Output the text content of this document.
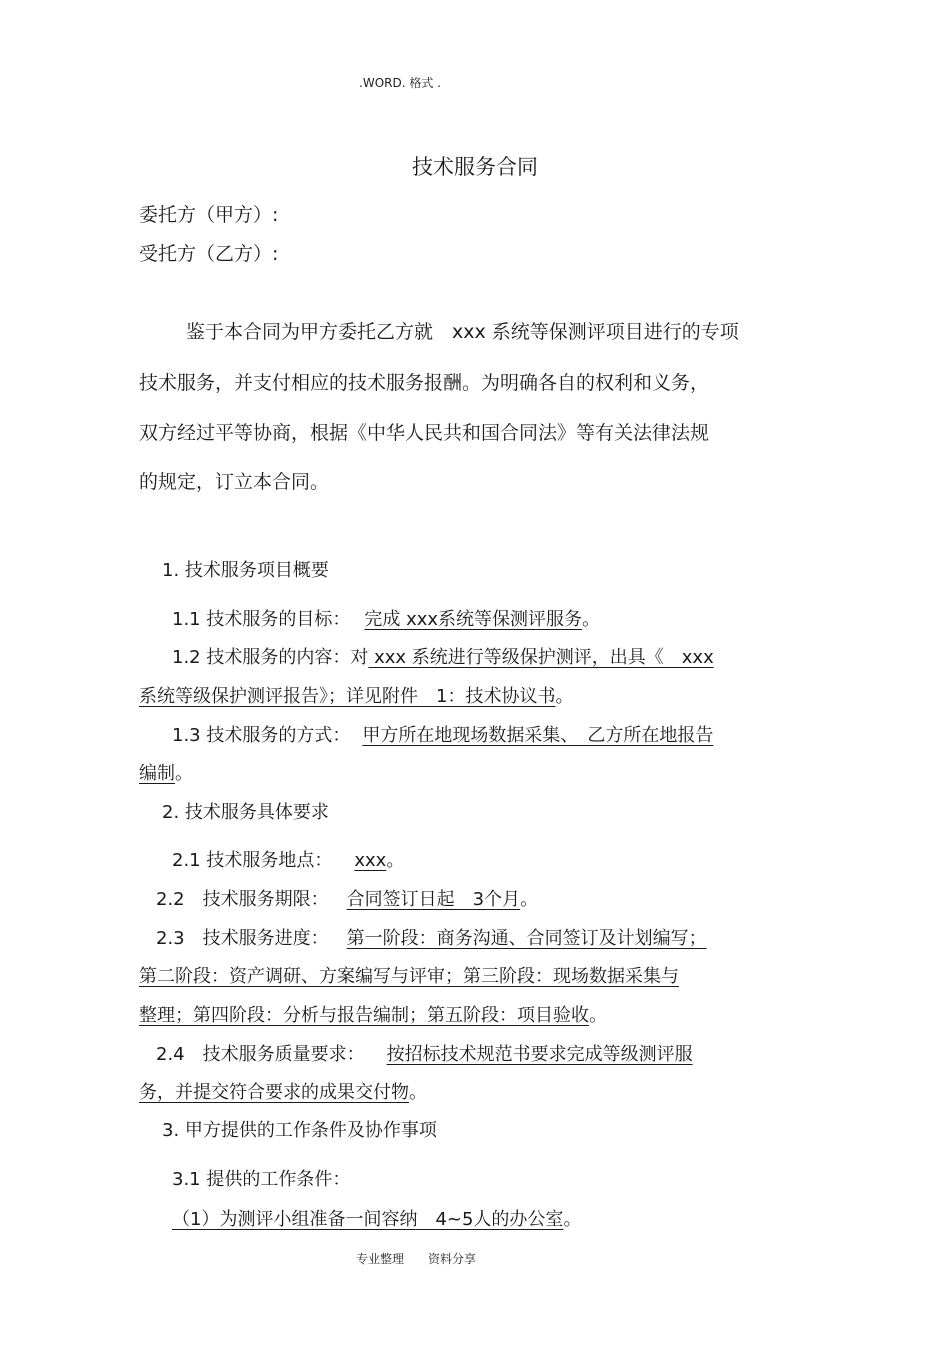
.WORD. 格式 .
技术服务合同
委托方（甲方）:
受托方（乙方）:
鉴于本合同为甲方委托乙方就　xxx 系统等保测评项目进行的专项
技术服务，并支付相应的技术服务报酬。为明确各自的权利和义务，
双方经过平等协商，根据《中华人民共和国合同法》等有关法律法规
的规定，订立本合同。
1. 技术服务项目概要
1.1 技术服务的目标： 完成 xxx系统等保测评服务。
1.2 技术服务的内容：对 xxx 系统进行等级保护测评，出具《　xxx
系统等级保护测评报告》；详见附件　1：技术协议书。
1.3 技术服务的方式： 甲方所在地现场数据采集、　乙方所在地报告
编制。
2. 技术服务具体要求
2.1 技术服务地点： xxx。
2.2　技术服务期限： 合同签订日起　3个月。
2.3　技术服务进度： 第一阶段：商务沟通、合同签订及计划编写；
第二阶段：资产调研、方案编写与评审；第三阶段：现场数据采集与
整理；第四阶段：分析与报告编制；第五阶段：项目验收。
2.4　技术服务质量要求： 按招标技术规范书要求完成等级测评服
务，并提交符合要求的成果交付物。
3. 甲方提供的工作条件及协作事项
3.1 提供的工作条件：
（1）为测评小组准备一间容纳　4~5人的办公室。
专业整理　　资料分享
